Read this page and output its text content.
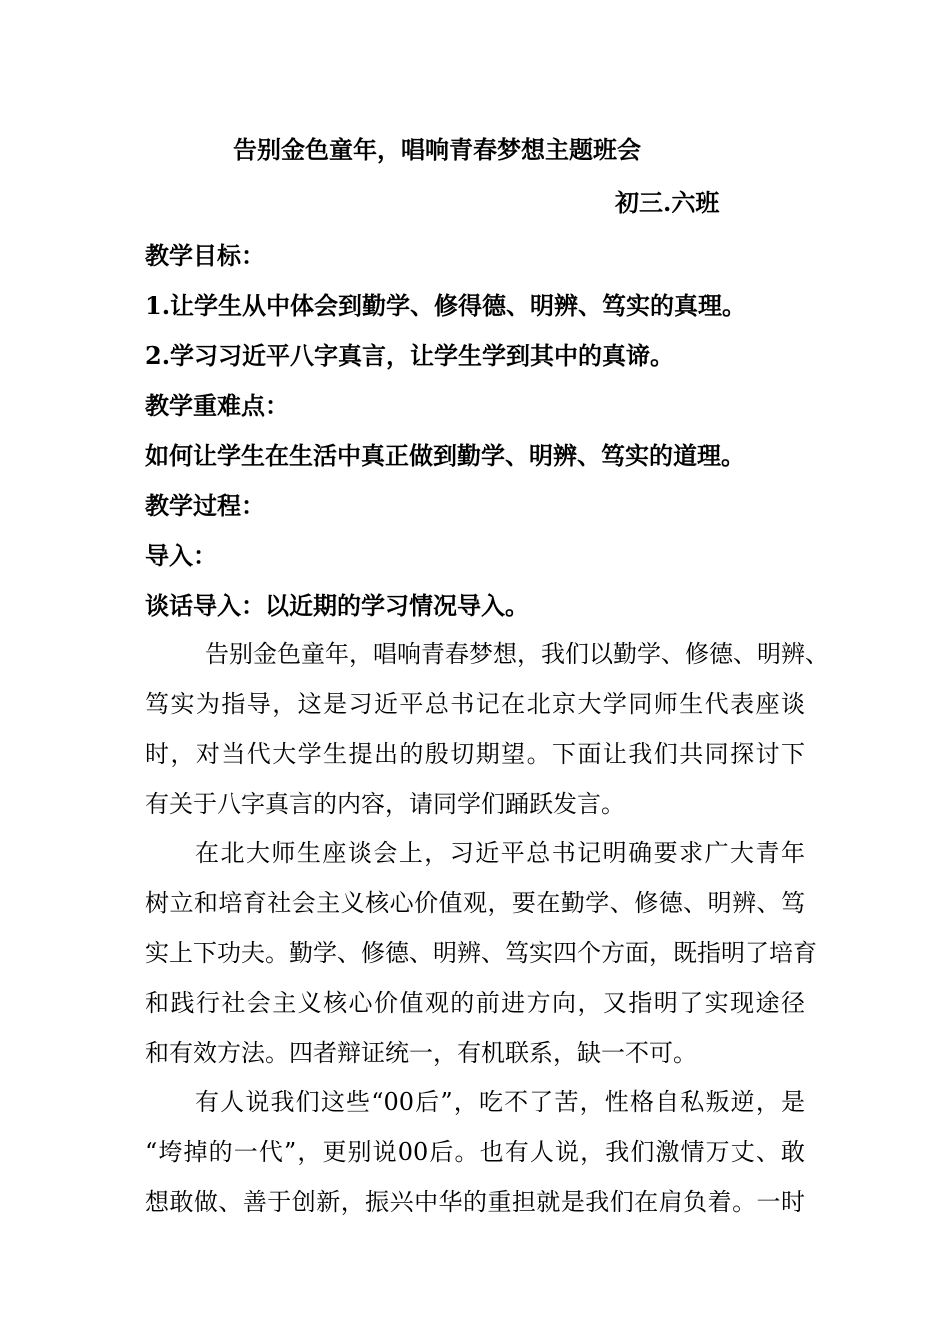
告别金色童年，唱响青春梦想主题班会
初三.六班
教学目标：
1.让学生从中体会到勤学、修得德、明辨、笃实的真理。
2.学习习近平八字真言，让学生学到其中的真谛。
教学重难点：
如何让学生在生活中真正做到勤学、明辨、笃实的道理。
教学过程：
导入：
谈话导入：以近期的学习情况导入。
　告别金色童年，唱响青春梦想，我们以勤学、修德、明辨、
笃实为指导，这是习近平总书记在北京大学同师生代表座谈
时，对当代大学生提出的殷切期望。下面让我们共同探讨下
有关于八字真言的内容，请同学们踊跃发言。
在北大师生座谈会上，习近平总书记明确要求广大青年
树立和培育社会主义核心价值观，要在勤学、修德、明辨、笃
实上下功夫。勤学、修德、明辨、笃实四个方面，既指明了培育
和践行社会主义核心价值观的前进方向，又指明了实现途径
和有效方法。四者辩证统一，有机联系，缺一不可。
有人说我们这些“00后”，吃不了苦，性格自私叛逆，是
“垮掉的一代”，更别说00后。也有人说，我们激情万丈、敢
想敢做、善于创新，振兴中华的重担就是我们在肩负着。一时
